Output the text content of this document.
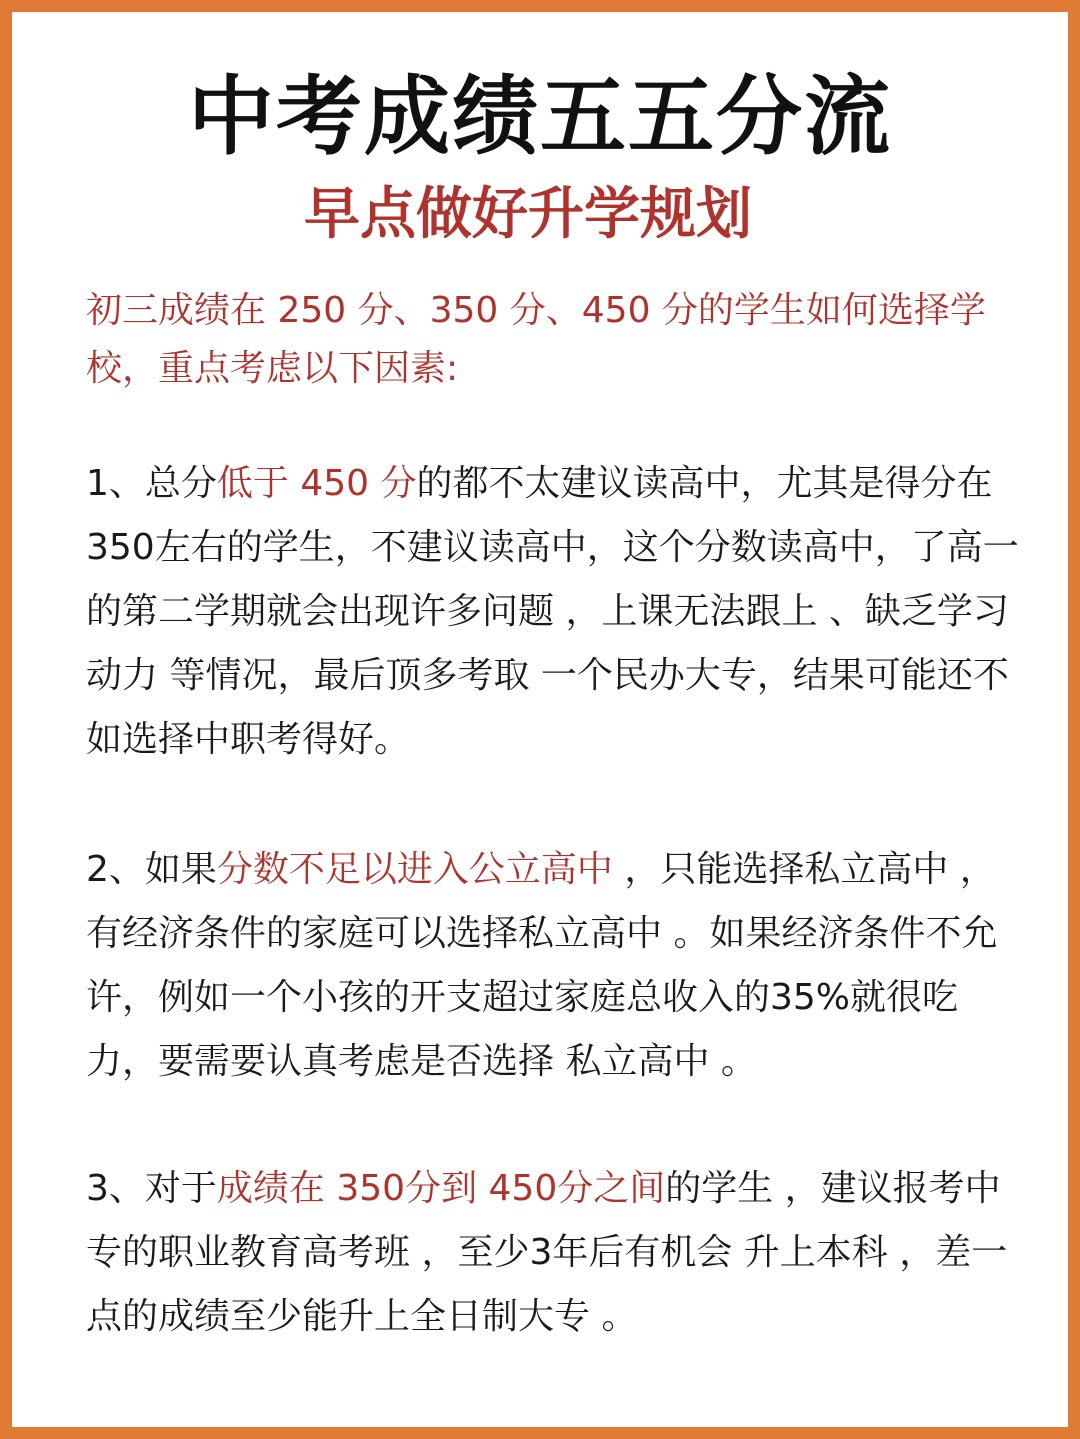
中考成绩五五分流
早点做好升学规划
初三成绩在 250 分、350 分、450 分的学生如何选择学校，重点考虑以下因素:
1、总分低于 450 分的都不太建议读高中，尤其是得分在350左右的学生，不建议读高中，这个分数读高中，了高一 的第二学期就会出现许多问题 ，上课无法跟上 、缺乏学习动力 等情况，最后顶多考取 一个民办大专，结果可能还不如选择中职考得好。
2、如果分数不足以进入公立高中 ，只能选择私立高中 ，有经济条件的家庭可以选择私立高中 。如果经济条件不允许，例如一个小孩的开支超过家庭总收入的35%就很吃力，要需要认真考虑是否选择 私立高中 。
3、对于成绩在 350分到 450分之间的学生 ，建议报考中专的职业教育高考班 ，至少3年后有机会 升上本科 ，差一点的成绩至少能升上全日制大专 。
